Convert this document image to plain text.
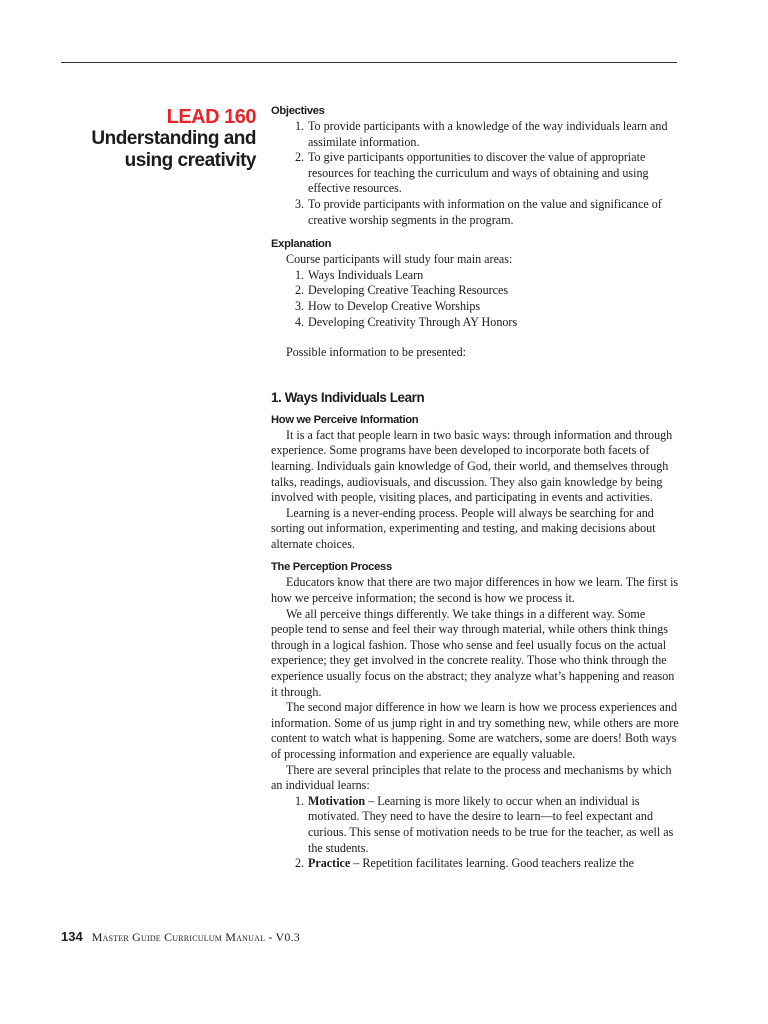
LEAD 160
Understanding and
using creativity
Objectives
1. To provide participants with a knowledge of the way individuals learn and assimilate information.
2. To give participants opportunities to discover the value of appropriate resources for teaching the curriculum and ways of obtaining and using effective resources.
3. To provide participants with information on the value and significance of creative worship segments in the program.
Explanation
Course participants will study four main areas:
1. Ways Individuals Learn
2. Developing Creative Teaching Resources
3. How to Develop Creative Worships
4. Developing Creativity Through AY Honors
Possible information to be presented:
1. Ways Individuals Learn
How we Perceive Information
It is a fact that people learn in two basic ways: through information and through experience. Some programs have been developed to incorporate both facets of learning. Individuals gain knowledge of God, their world, and themselves through talks, readings, audiovisuals, and discussion. They also gain knowledge by being involved with people, visiting places, and participating in events and activities.
Learning is a never-ending process. People will always be searching for and sorting out information, experimenting and testing, and making decisions about alternate choices.
The Perception Process
Educators know that there are two major differences in how we learn. The first is how we perceive information; the second is how we process it.
We all perceive things differently. We take things in a different way. Some people tend to sense and feel their way through material, while others think things through in a logical fashion. Those who sense and feel usually focus on the actual experience; they get involved in the concrete reality. Those who think through the experience usually focus on the abstract; they analyze what’s happening and reason it through.
The second major difference in how we learn is how we process experiences and information. Some of us jump right in and try something new, while others are more content to watch what is happening. Some are watchers, some are doers! Both ways of processing information and experience are equally valuable.
There are several principles that relate to the process and mechanisms by which an individual learns:
1. Motivation – Learning is more likely to occur when an individual is motivated. They need to have the desire to learn—to feel expectant and curious. This sense of motivation needs to be true for the teacher, as well as the students.
2. Practice – Repetition facilitates learning. Good teachers realize the
134 Master Guide Curriculum Manual - V0.3
